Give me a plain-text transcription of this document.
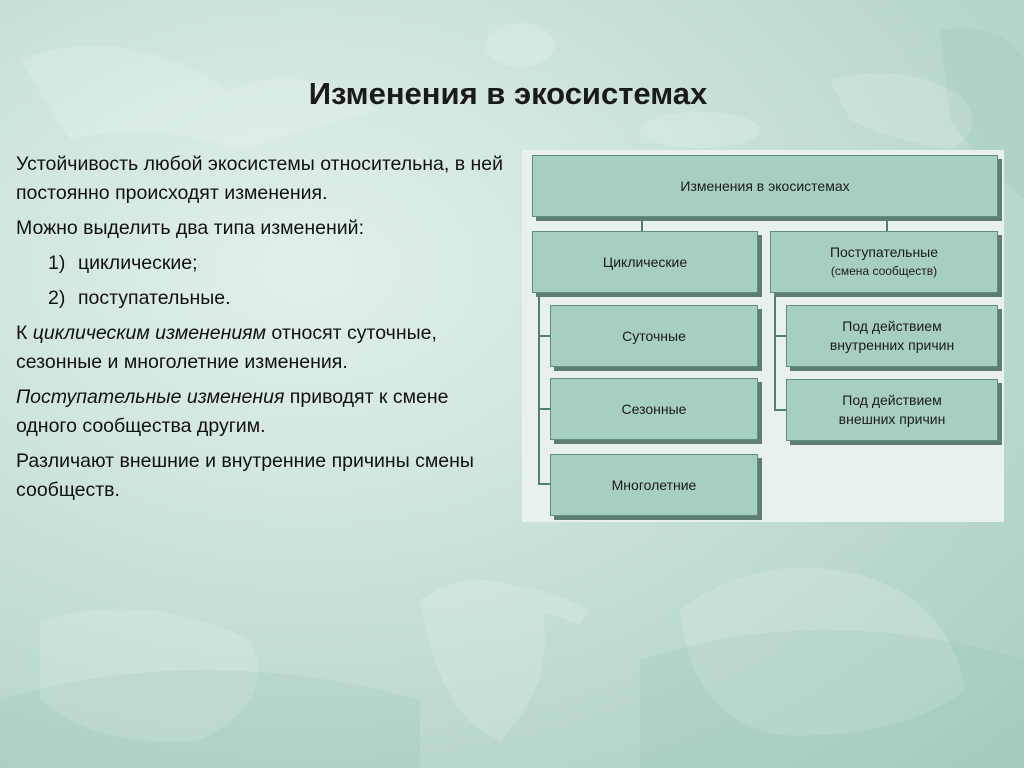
Изменения в экосистемах

Устойчивость любой экосистемы относительна, в ней постоянно происходят изменения.

Можно выделить два типа изменений:

1) циклические;

2) поступательные.

К циклическим изменениям относят суточные, сезонные и многолетние изменения.

Поступательные изменения приводят к смене одного сообщества другим.

Различают внешние и внутренние причины смены сообществ.

Изменения в экосистемах
Циклические
Поступательные
(смена сообществ)
Суточные
Сезонные
Многолетние
Под действием
внутренних причин
Под действием
внешних причин
